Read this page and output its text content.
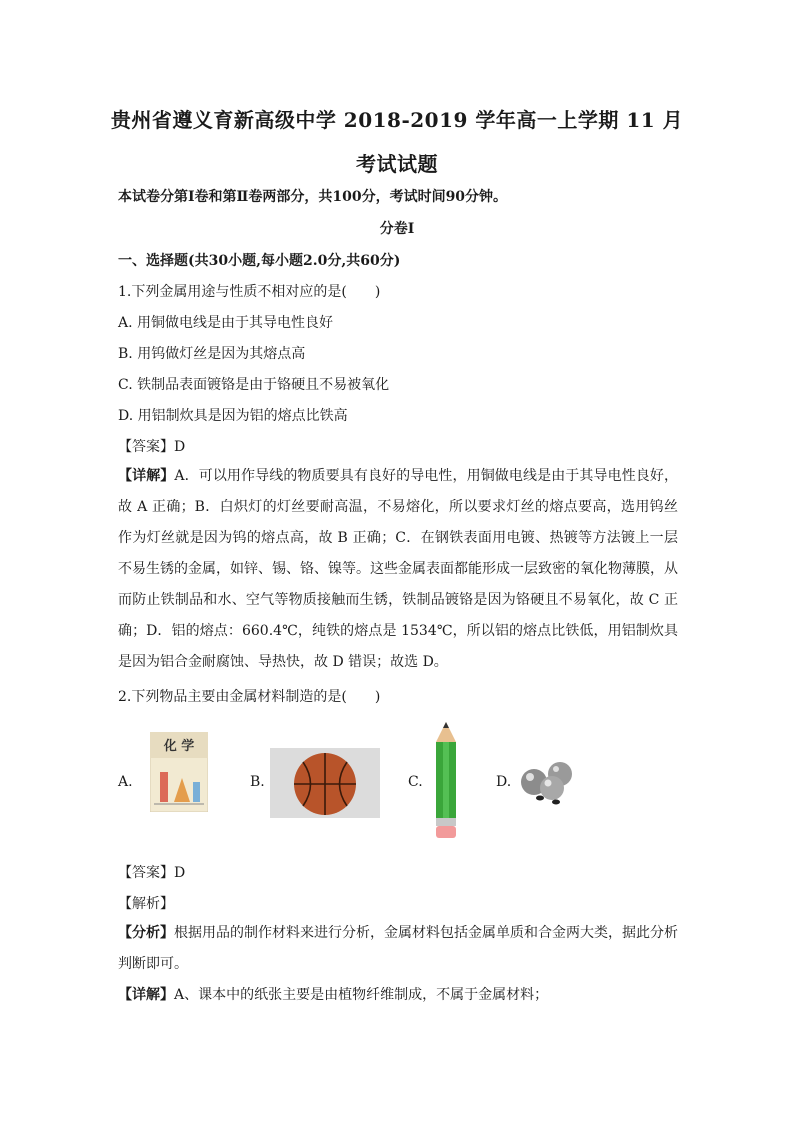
贵州省遵义育新高级中学 2018-2019 学年高一上学期 11 月
考试试题
本试卷分第Ⅰ卷和第Ⅱ卷两部分，共100分，考试时间90分钟。
分卷Ⅰ
一、选择题(共30小题,每小题2.0分,共60分)
1.下列金属用途与性质不相对应的是(　　)
A. 用铜做电线是由于其导电性良好
B. 用钨做灯丝是因为其熔点高
C. 铁制品表面镀铬是由于铬硬且不易被氧化
D. 用铝制炊具是因为铝的熔点比铁高
【答案】D
【详解】A．可以用作导线的物质要具有良好的导电性，用铜做电线是由于其导电性良好，故 A 正确；B．白炽灯的灯丝要耐高温，不易熔化，所以要求灯丝的熔点要高，选用钨丝作为灯丝就是因为钨的熔点高，故 B 正确；C．在钢铁表面用电镀、热镀等方法镀上一层不易生锈的金属，如锌、锡、铬、镍等。这些金属表面都能形成一层致密的氧化物薄膜，从而防止铁制品和水、空气等物质接触而生锈，铁制品镀铬是因为铬硬且不易氧化，故 C 正确；D．铝的熔点：660.4℃，纯铁的熔点是 1534℃，所以铝的熔点比铁低，用铝制炊具是因为铝合金耐腐蚀、导热快，故 D 错误；故选 D。
2.下列物品主要由金属材料制造的是(　　)
A.
化 学
B.	C.	D.
【答案】D
【解析】
【分析】根据用品的制作材料来进行分析，金属材料包括金属单质和合金两大类，据此分析判断即可。
【详解】A、课本中的纸张主要是由植物纤维制成，不属于金属材料；
